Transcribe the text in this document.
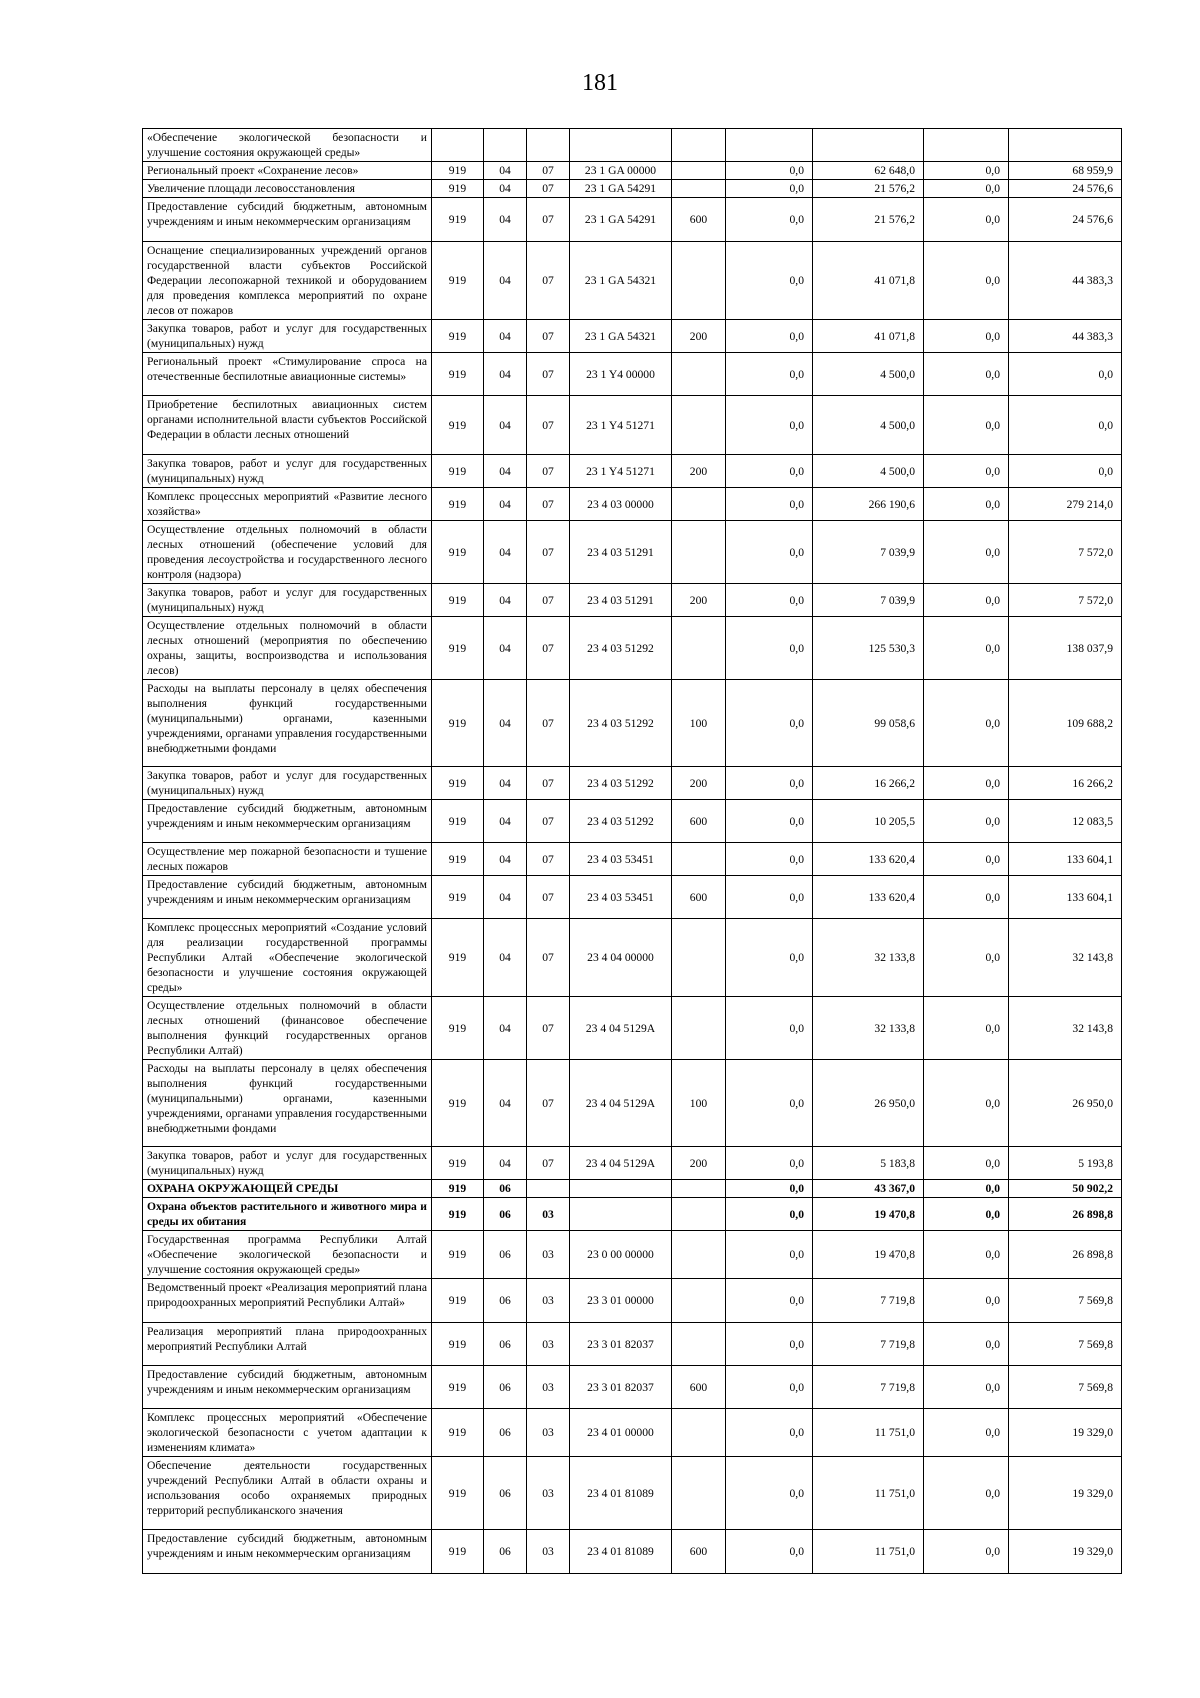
181
«Обеспечение экологической безопасности и улучшение состояния окружающей среды»									
Региональный проект «Сохранение лесов»	919	04	07	23 1 GA 00000		0,0	62 648,0	0,0	68 959,9
Увеличение площади лесовосстановления	919	04	07	23 1 GA 54291		0,0	21 576,2	0,0	24 576,6
Предоставление субсидий бюджетным, автономным учреждениям и иным некоммерческим организациям	919	04	07	23 1 GA 54291	600	0,0	21 576,2	0,0	24 576,6
Оснащение специализированных учреждений органов государственной власти субъектов Российской Федерации лесопожарной техникой и оборудованием для проведения комплекса мероприятий по охране лесов от пожаров	919	04	07	23 1 GA 54321		0,0	41 071,8	0,0	44 383,3
Закупка товаров, работ и услуг для государственных (муниципальных) нужд	919	04	07	23 1 GA 54321	200	0,0	41 071,8	0,0	44 383,3
Региональный проект «Стимулирование спроса на отечественные беспилотные авиационные системы»	919	04	07	23 1 Y4 00000		0,0	4 500,0	0,0	0,0
Приобретение беспилотных авиационных систем органами исполнительной власти субъектов Российской Федерации в области лесных отношений	919	04	07	23 1 Y4 51271		0,0	4 500,0	0,0	0,0
Закупка товаров, работ и услуг для государственных (муниципальных) нужд	919	04	07	23 1 Y4 51271	200	0,0	4 500,0	0,0	0,0
Комплекс процессных мероприятий «Развитие лесного хозяйства»	919	04	07	23 4 03 00000		0,0	266 190,6	0,0	279 214,0
Осуществление отдельных полномочий в области лесных отношений (обеспечение условий для проведения лесоустройства и государственного лесного контроля (надзора)	919	04	07	23 4 03 51291		0,0	7 039,9	0,0	7 572,0
Закупка товаров, работ и услуг для государственных (муниципальных) нужд	919	04	07	23 4 03 51291	200	0,0	7 039,9	0,0	7 572,0
Осуществление отдельных полномочий в области лесных отношений (мероприятия по обеспечению охраны, защиты, воспроизводства и использования лесов)	919	04	07	23 4 03 51292		0,0	125 530,3	0,0	138 037,9
Расходы на выплаты персоналу в целях обеспечения выполнения функций государственными (муниципальными) органами, казенными учреждениями, органами управления государственными внебюджетными фондами	919	04	07	23 4 03 51292	100	0,0	99 058,6	0,0	109 688,2
Закупка товаров, работ и услуг для государственных (муниципальных) нужд	919	04	07	23 4 03 51292	200	0,0	16 266,2	0,0	16 266,2
Предоставление субсидий бюджетным, автономным учреждениям и иным некоммерческим организациям	919	04	07	23 4 03 51292	600	0,0	10 205,5	0,0	12 083,5
Осуществление мер пожарной безопасности и тушение лесных пожаров	919	04	07	23 4 03 53451		0,0	133 620,4	0,0	133 604,1
Предоставление субсидий бюджетным, автономным учреждениям и иным некоммерческим организациям	919	04	07	23 4 03 53451	600	0,0	133 620,4	0,0	133 604,1
Комплекс процессных мероприятий «Создание условий для реализации государственной программы Республики Алтай «Обеспечение экологической безопасности и улучшение состояния окружающей среды»	919	04	07	23 4 04 00000		0,0	32 133,8	0,0	32 143,8
Осуществление отдельных полномочий в области лесных отношений (финансовое обеспечение выполнения функций государственных органов Республики Алтай)	919	04	07	23 4 04 5129А		0,0	32 133,8	0,0	32 143,8
Расходы на выплаты персоналу в целях обеспечения выполнения функций государственными (муниципальными) органами, казенными учреждениями, органами управления государственными внебюджетными фондами	919	04	07	23 4 04 5129А	100	0,0	26 950,0	0,0	26 950,0
Закупка товаров, работ и услуг для государственных (муниципальных) нужд	919	04	07	23 4 04 5129А	200	0,0	5 183,8	0,0	5 193,8
ОХРАНА ОКРУЖАЮЩЕЙ СРЕДЫ	919	06				0,0	43 367,0	0,0	50 902,2
Охрана объектов растительного и животного мира и среды их обитания	919	06	03			0,0	19 470,8	0,0	26 898,8
Государственная программа Республики Алтай «Обеспечение экологической безопасности и улучшение состояния окружающей среды»	919	06	03	23 0 00 00000		0,0	19 470,8	0,0	26 898,8
Ведомственный проект «Реализация мероприятий плана природоохранных мероприятий Республики Алтай»	919	06	03	23 3 01 00000		0,0	7 719,8	0,0	7 569,8
Реализация мероприятий плана природоохранных мероприятий Республики Алтай	919	06	03	23 3 01 82037		0,0	7 719,8	0,0	7 569,8
Предоставление субсидий бюджетным, автономным учреждениям и иным некоммерческим организациям	919	06	03	23 3 01 82037	600	0,0	7 719,8	0,0	7 569,8
Комплекс процессных мероприятий «Обеспечение экологической безопасности с учетом адаптации к изменениям климата»	919	06	03	23 4 01 00000		0,0	11 751,0	0,0	19 329,0
Обеспечение деятельности государственных учреждений Республики Алтай в области охраны и использования особо охраняемых природных территорий республиканского значения	919	06	03	23 4 01 81089		0,0	11 751,0	0,0	19 329,0
Предоставление субсидий бюджетным, автономным учреждениям и иным некоммерческим организациям	919	06	03	23 4 01 81089	600	0,0	11 751,0	0,0	19 329,0
